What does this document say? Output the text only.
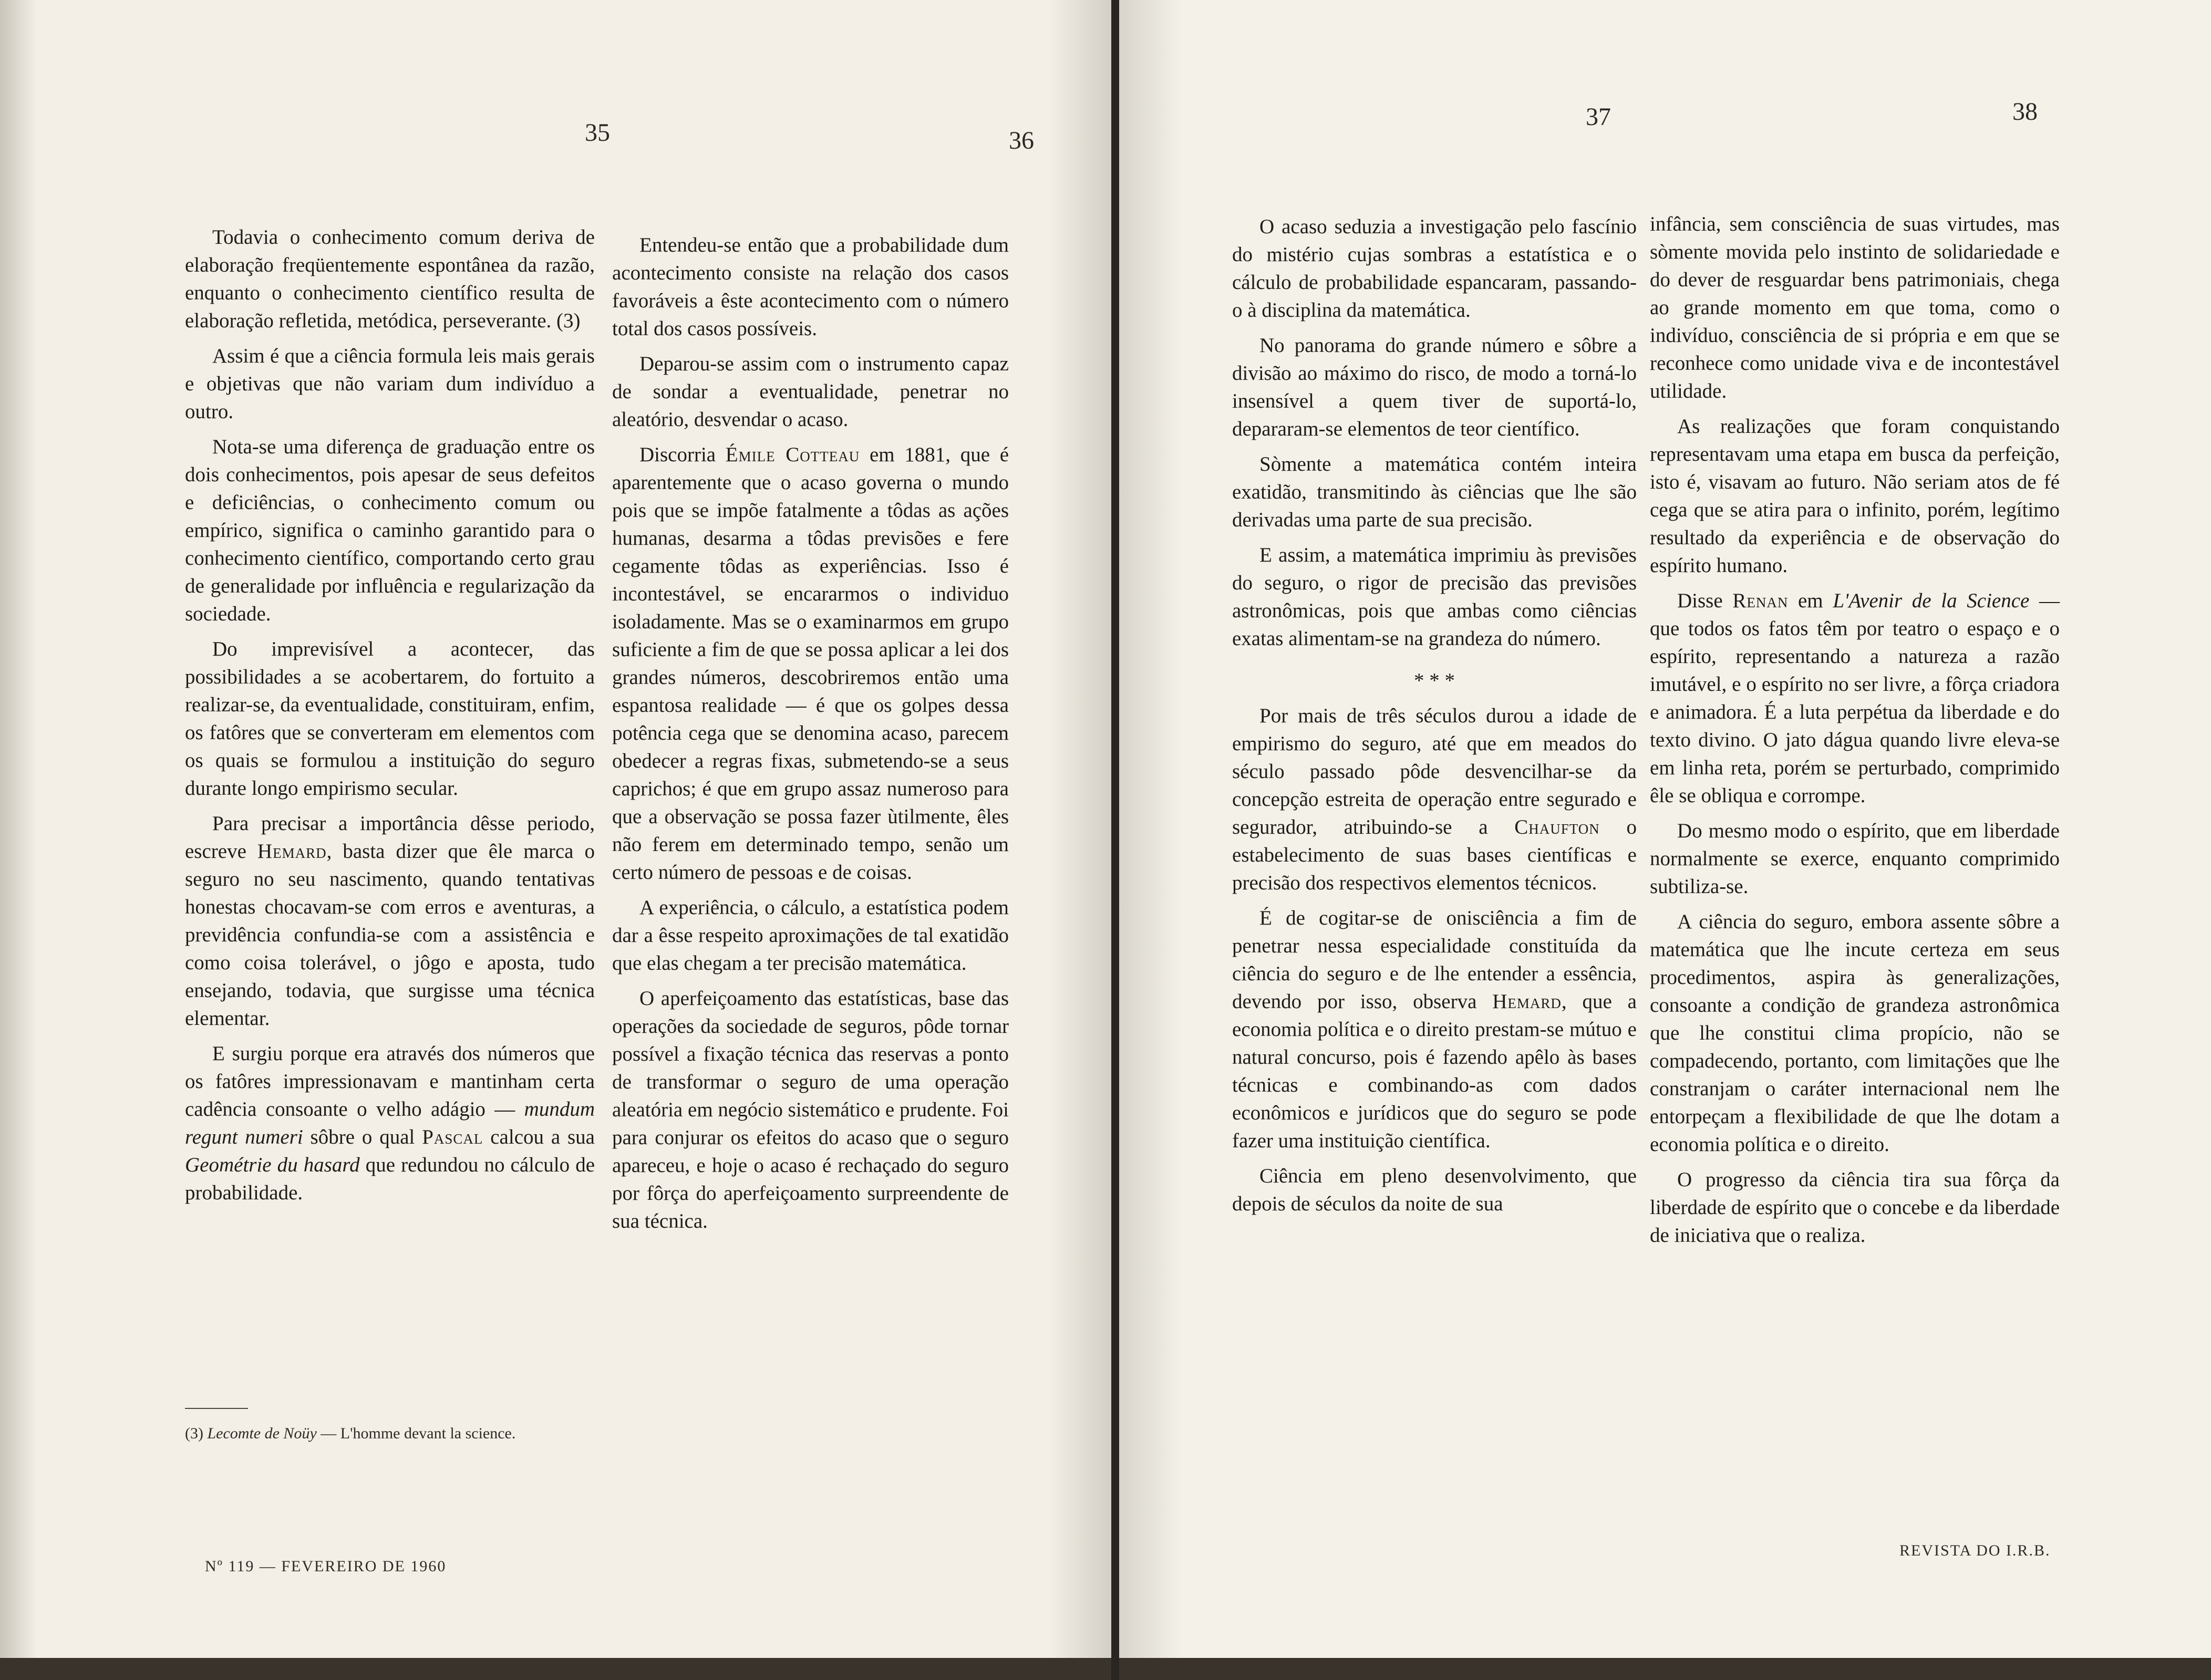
35	36

Todavia o conhecimento comum deriva de elaboração freqüentemente espontânea da razão, enquanto o conhecimento científico resulta de elaboração refletida, metódica, perseverante. (3)

Assim é que a ciência formula leis mais gerais e objetivas que não variam dum indivíduo a outro.

Nota-se uma diferença de graduação entre os dois conhecimentos, pois apesar de seus defeitos e deficiências, o conhecimento comum ou empírico, significa o caminho garantido para o conhecimento científico, comportando certo grau de generalidade por influência e regularização da sociedade.

Do imprevisível a acontecer, das possibilidades a se acobertarem, do fortuito a realizar-se, da eventualidade, constituiram, enfim, os fatôres que se converteram em elementos com os quais se formulou a instituição do seguro durante longo empirismo secular.

Para precisar a importância dêsse periodo, escreve Hemard, basta dizer que êle marca o seguro no seu nascimento, quando tentativas honestas chocavam-se com erros e aventuras, a previdência confundia-se com a assistência e como coisa tolerável, o jôgo e aposta, tudo ensejando, todavia, que surgisse uma técnica elementar.

E surgiu porque era através dos números que os fatôres impressionavam e mantinham certa cadência consoante o velho adágio — mundum regunt numeri sôbre o qual Pascal calcou a sua Geométrie du hasard que redundou no cálculo de probabilidade.

(3) Lecomte de Noüy — L'homme devant la science.

Entendeu-se então que a probabilidade dum acontecimento consiste na relação dos casos favoráveis a êste acontecimento com o número total dos casos possíveis.

Deparou-se assim com o instrumento capaz de sondar a eventualidade, penetrar no aleatório, desvendar o acaso.

Discorria Émile Cotteau em 1881, que é aparentemente que o acaso governa o mundo pois que se impõe fatalmente a tôdas as ações humanas, desarma a tôdas previsões e fere cegamente tôdas as experiências. Isso é incontestável, se encararmos o individuo isoladamente. Mas se o examinarmos em grupo suficiente a fim de que se possa aplicar a lei dos grandes números, descobriremos então uma espantosa realidade — é que os golpes dessa potência cega que se denomina acaso, parecem obedecer a regras fixas, submetendo-se a seus caprichos; é que em grupo assaz numeroso para que a observação se possa fazer ùtilmente, êles não ferem em determinado tempo, senão um certo número de pessoas e de coisas.

A experiência, o cálculo, a estatística podem dar a êsse respeito aproximações de tal exatidão que elas chegam a ter precisão matemática.

O aperfeiçoamento das estatísticas, base das operações da sociedade de seguros, pôde tornar possível a fixação técnica das reservas a ponto de transformar o seguro de uma operação aleatória em negócio sistemático e prudente. Foi para conjurar os efeitos do acaso que o seguro apareceu, e hoje o acaso é rechaçado do seguro por fôrça do aperfeiçoamento surpreendente de sua técnica.

Nº 119 — FEVEREIRO DE 1960
37	38

O acaso seduzia a investigação pelo fascínio do mistério cujas sombras a estatística e o cálculo de probabilidade espancaram, passando-o à disciplina da matemática.

No panorama do grande número e sôbre a divisão ao máximo do risco, de modo a torná-lo insensível a quem tiver de suportá-lo, depararam-se elementos de teor científico.

Sòmente a matemática contém inteira exatidão, transmitindo às ciências que lhe são derivadas uma parte de sua precisão.

E assim, a matemática imprimiu às previsões do seguro, o rigor de precisão das previsões astronômicas, pois que ambas como ciências exatas alimentam-se na grandeza do número.

* * *

Por mais de três séculos durou a idade de empirismo do seguro, até que em meados do século passado pôde desvencilhar-se da concepção estreita de operação entre segurado e segurador, atribuindo-se a Chaufton o estabelecimento de suas bases científicas e precisão dos respectivos elementos técnicos.

É de cogitar-se de onisciência a fim de penetrar nessa especialidade constituída da ciência do seguro e de lhe entender a essência, devendo por isso, observa Hemard, que a economia política e o direito prestam-se mútuo e natural concurso, pois é fazendo apêlo às bases técnicas e combinando-as com dados econômicos e jurídicos que do seguro se pode fazer uma instituição científica.

Ciência em pleno desenvolvimento, que depois de séculos da noite de sua

infância, sem consciência de suas virtudes, mas sòmente movida pelo instinto de solidariedade e do dever de resguardar bens patrimoniais, chega ao grande momento em que toma, como o indivíduo, consciência de si própria e em que se reconhece como unidade viva e de incontestável utilidade.

As realizações que foram conquistando representavam uma etapa em busca da perfeição, isto é, visavam ao futuro. Não seriam atos de fé cega que se atira para o infinito, porém, legítimo resultado da experiência e de observação do espírito humano.

Disse Renan em L'Avenir de la Science — que todos os fatos têm por teatro o espaço e o espírito, representando a natureza a razão imutável, e o espírito no ser livre, a fôrça criadora e animadora. É a luta perpétua da liberdade e do texto divino. O jato dágua quando livre eleva-se em linha reta, porém se perturbado, comprimido êle se obliqua e corrompe.

Do mesmo modo o espírito, que em liberdade normalmente se exerce, enquanto comprimido subtiliza-se.

A ciência do seguro, embora assente sôbre a matemática que lhe incute certeza em seus procedimentos, aspira às generalizações, consoante a condição de grandeza astronômica que lhe constitui clima propício, não se compadecendo, portanto, com limitações que lhe constranjam o caráter internacional nem lhe entorpeçam a flexibilidade de que lhe dotam a economia política e o direito.

O progresso da ciência tira sua fôrça da liberdade de espírito que o concebe e da liberdade de iniciativa que o realiza.

REVISTA DO I.R.B.
